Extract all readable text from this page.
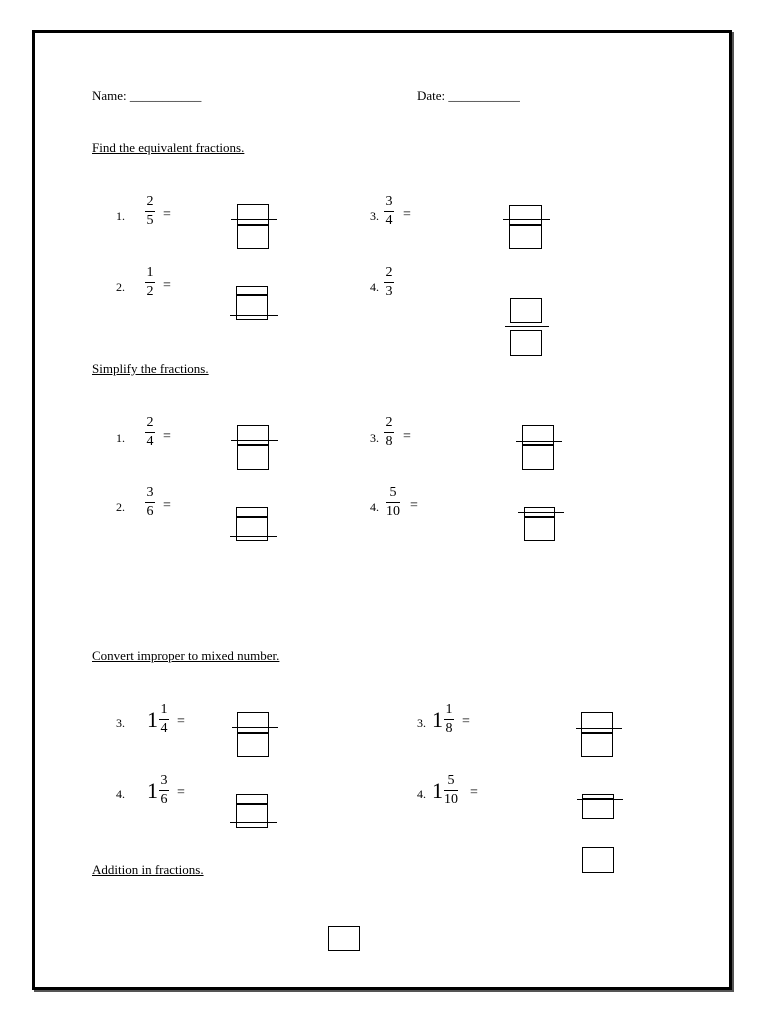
Name: ___________	Date: ___________
Find the equivalent fractions.
1.
2
5 =
2.
1
2 =
3.
3
4 =
4.
2
3
Simplify the fractions.
1.
2
4 =
2.
3
6 =
3.
2
8 =
4.
5
10 =
Convert improper to mixed number.
3. $1 \frac{1}{4}$ =
4. $1 \frac{3}{6}$ =
3. $1 \frac{1}{8}$ =
4. $1 \frac{5}{10}$ =
Addition in fractions.
